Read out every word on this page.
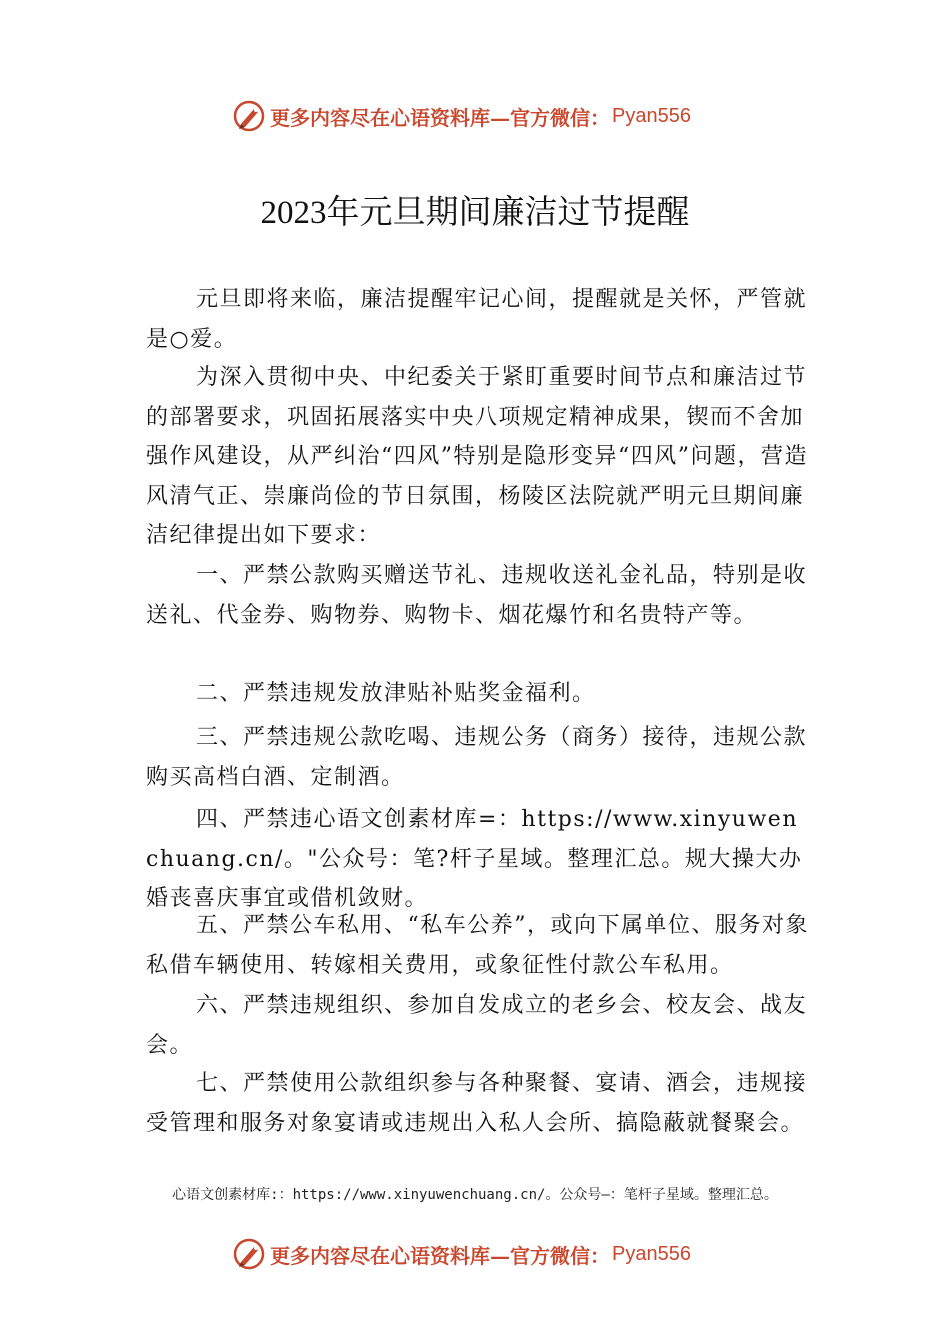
更多内容尽在心语资料库—官方微信： Pyan556
2023年元旦期间廉洁过节提醒
元旦即将来临，廉洁提醒牢记心间，提醒就是关怀，严管就是○爱。
为深入贯彻中央、中纪委关于紧盯重要时间节点和廉洁过节的部署要求，巩固拓展落实中央八项规定精神成果，锲而不舍加强作风建设，从严纠治“四风”特别是隐形变异“四风”问题，营造风清气正、崇廉尚俭的节日氛围，杨陵区法院就严明元旦期间廉洁纪律提出如下要求：
一、严禁公款购买赠送节礼、违规收送礼金礼品，特别是收送礼、代金券、购物券、购物卡、烟花爆竹和名贵特产等。
二、严禁违规发放津贴补贴奖金福利。
三、严禁违规公款吃喝、违规公务（商务）接待，违规公款购买高档白酒、定制酒。
四、严禁违心语文创素材库=：https://www.xinyuwenchuang.cn/。"公众号：笔?杆子星域。整理汇总。规大操大办婚丧喜庆事宜或借机敛财。
五、严禁公车私用、“私车公养”，或向下属单位、服务对象私借车辆使用、转嫁相关费用，或象征性付款公车私用。
六、严禁违规组织、参加自发成立的老乡会、校友会、战友会。
七、严禁使用公款组织参与各种聚餐、宴请、酒会，违规接受管理和服务对象宴请或违规出入私人会所、搞隐蔽就餐聚会。
心语文创素材库:：https://www.xinyuwenchuang.cn/。公众号—：笔杆子星域。整理汇总。
更多内容尽在心语资料库—官方微信： Pyan556
